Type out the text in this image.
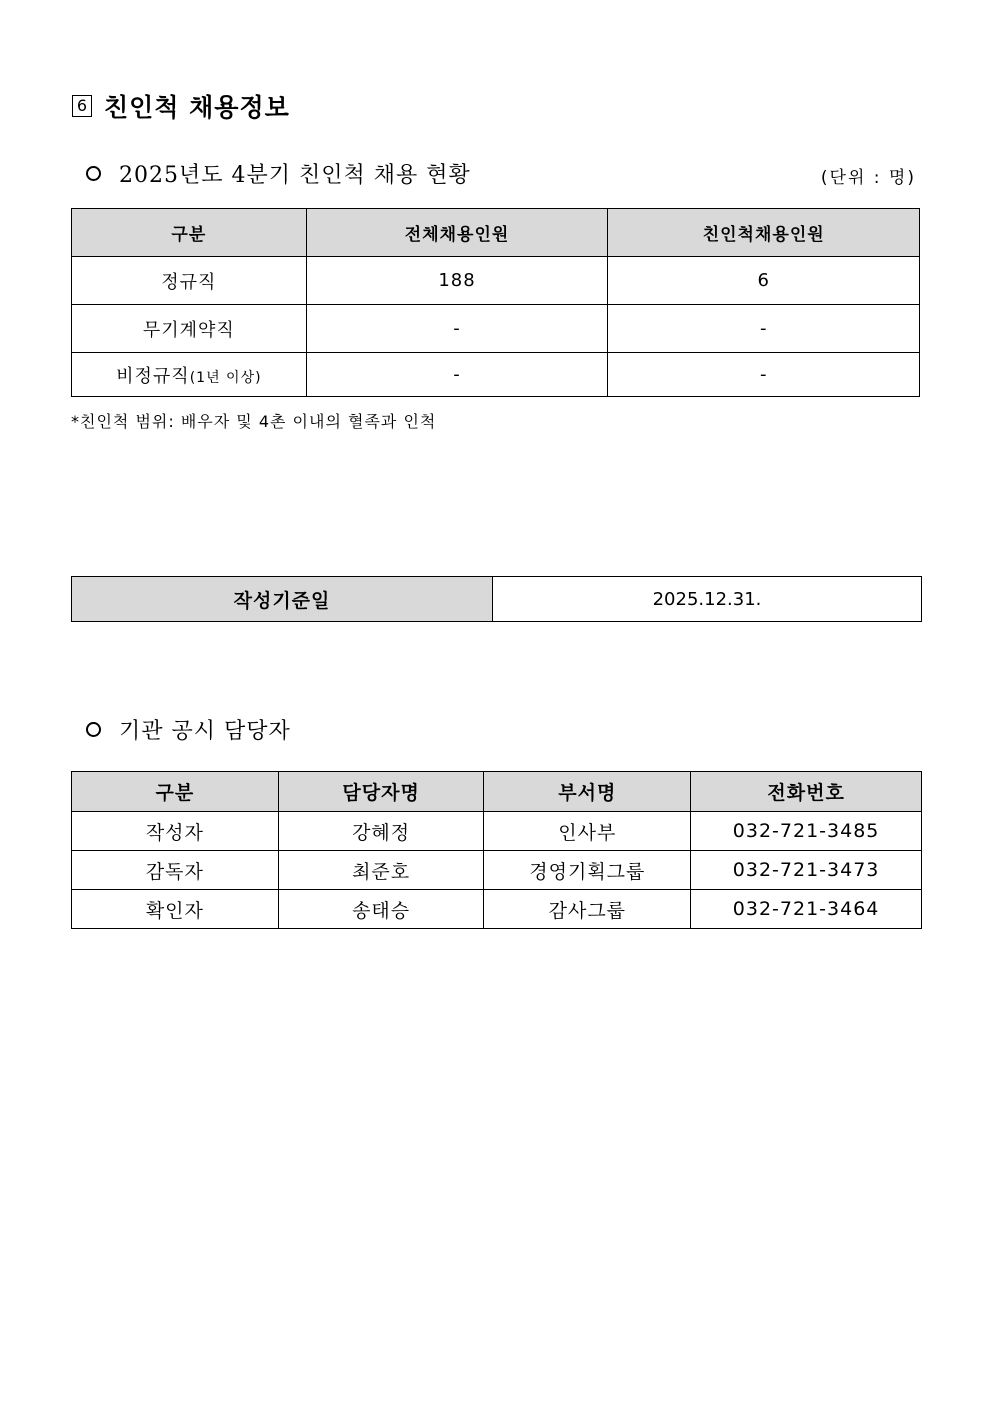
6 친인척 채용정보
2025년도 4분기 친인척 채용 현황	(단위 : 명)
구분	전체채용인원	친인척채용인원
정규직	188	6
무기계약직	-	-
비정규직(1년 이상)	-	-
*친인척 범위: 배우자 및 4촌 이내의 혈족과 인척
작성기준일	2025.12.31.
기관 공시 담당자
구분	담당자명	부서명	전화번호
작성자	강혜정	인사부	032-721-3485
감독자	최준호	경영기획그룹	032-721-3473
확인자	송태승	감사그룹	032-721-3464
